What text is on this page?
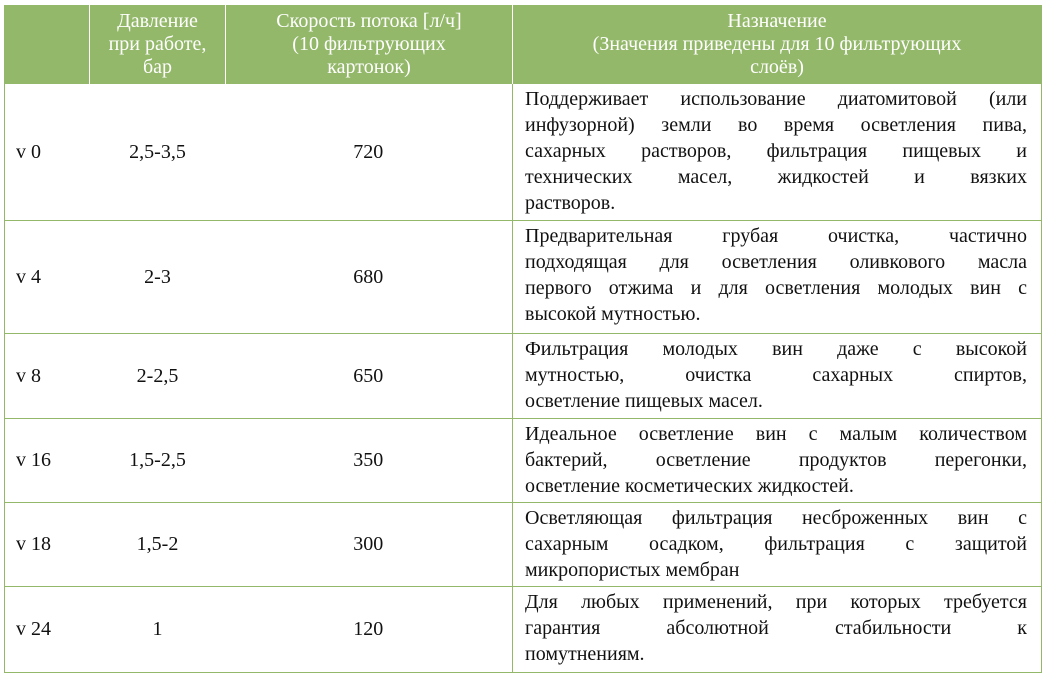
	Давление
при работе,
бар	Скорость потока [л/ч]
(10 фильтрующих
картонок)	Назначение
(Значения приведены для 10 фильтрующих
слоёв)

v 0	2,5-3,5	720	Поддерживает использование диатомитовой (или
инфузорной) земли во время осветления пива,
сахарных растворов, фильтрация пищевых и
технических масел, жидкостей и вязких
растворов.

v 4	2-3	680	Предварительная грубая очистка, частично
подходящая для осветления оливкового масла
первого отжима и для осветления молодых вин с
высокой мутностью.

v 8	2-2,5	650	Фильтрация молодых вин даже с высокой
мутностью, очистка сахарных спиртов,
осветление пищевых масел.

v 16	1,5-2,5	350	Идеальное осветление вин с малым количеством
бактерий, осветление продуктов перегонки,
осветление косметических жидкостей.

v 18	1,5-2	300	Осветляющая фильтрация несброженных вин с
сахарным осадком, фильтрация с защитой
микропористых мембран

v 24	1	120	Для любых применений, при которых требуется
гарантия абсолютной стабильности к
помутнениям.
